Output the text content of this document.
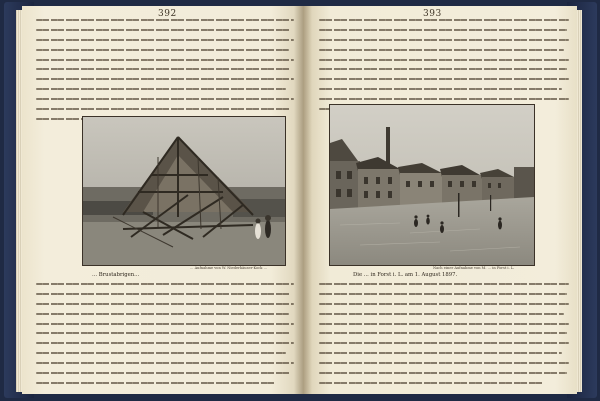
392
... Aufnahme von W. Niederhäuser-Kock ...
... Brustabrigen...
393
Nach einer Aufnahme von M. ... in Forst i. L.
Die ... in Forst i. L. am 1. August 1897.
